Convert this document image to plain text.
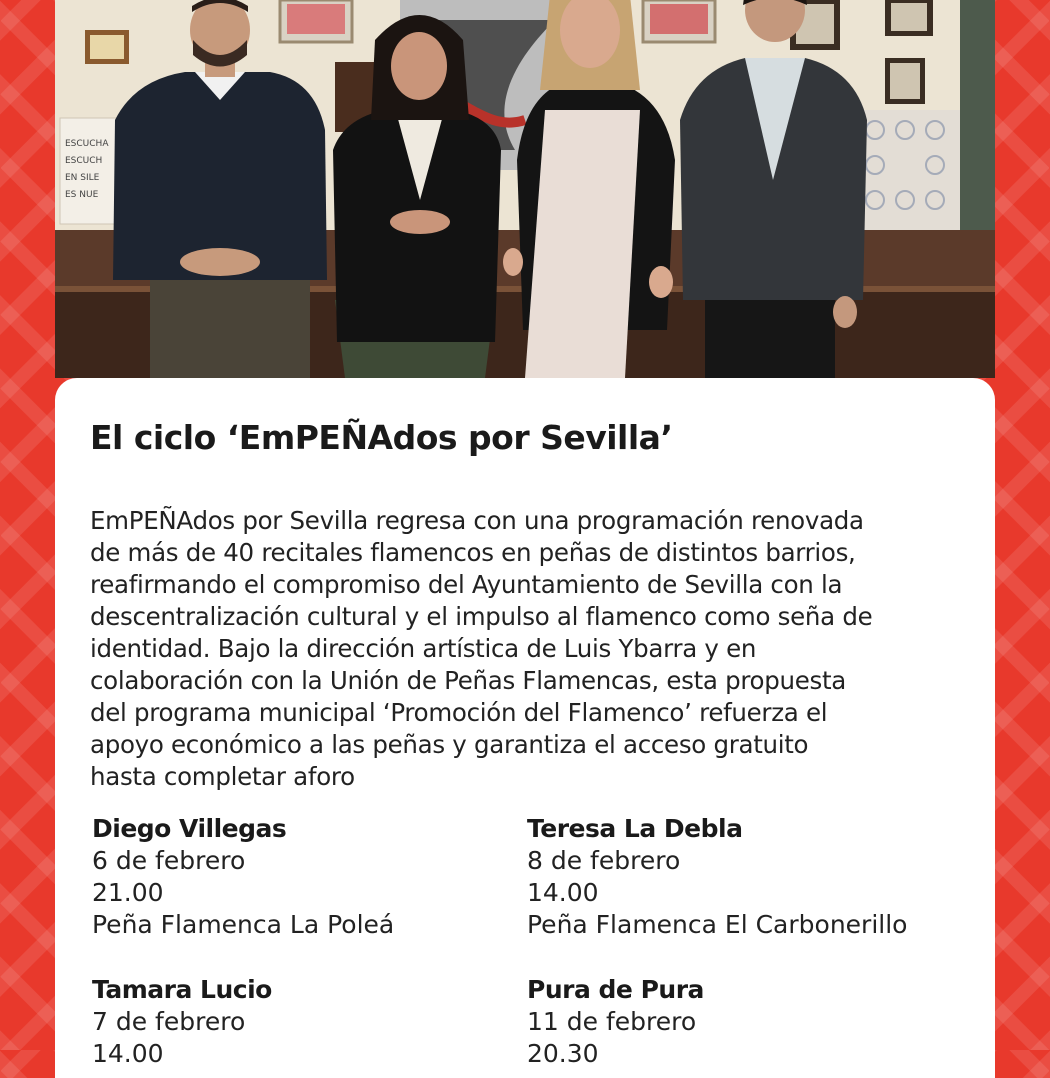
ESCUCHA
ESCUCH
EN SILE
ES NUE
El ciclo ‘EmPEÑAdos por Sevilla’
EmPEÑAdos por Sevilla regresa con una programación renovada
de más de 40 recitales flamencos en peñas de distintos barrios,
reafirmando el compromiso del Ayuntamiento de Sevilla con la
descentralización cultural y el impulso al flamenco como seña de
identidad. Bajo la dirección artística de Luis Ybarra y en
colaboración con la Unión de Peñas Flamencas, esta propuesta
del programa municipal ‘Promoción del Flamenco’ refuerza el
apoyo económico a las peñas y garantiza el acceso gratuito
hasta completar aforo
Diego Villegas
6 de febrero
21.00
Peña Flamenca La Poleá
Teresa La Debla
8 de febrero
14.00
Peña Flamenca El Carbonerillo
Tamara Lucio
7 de febrero
14.00
Pura de Pura
11 de febrero
20.30
